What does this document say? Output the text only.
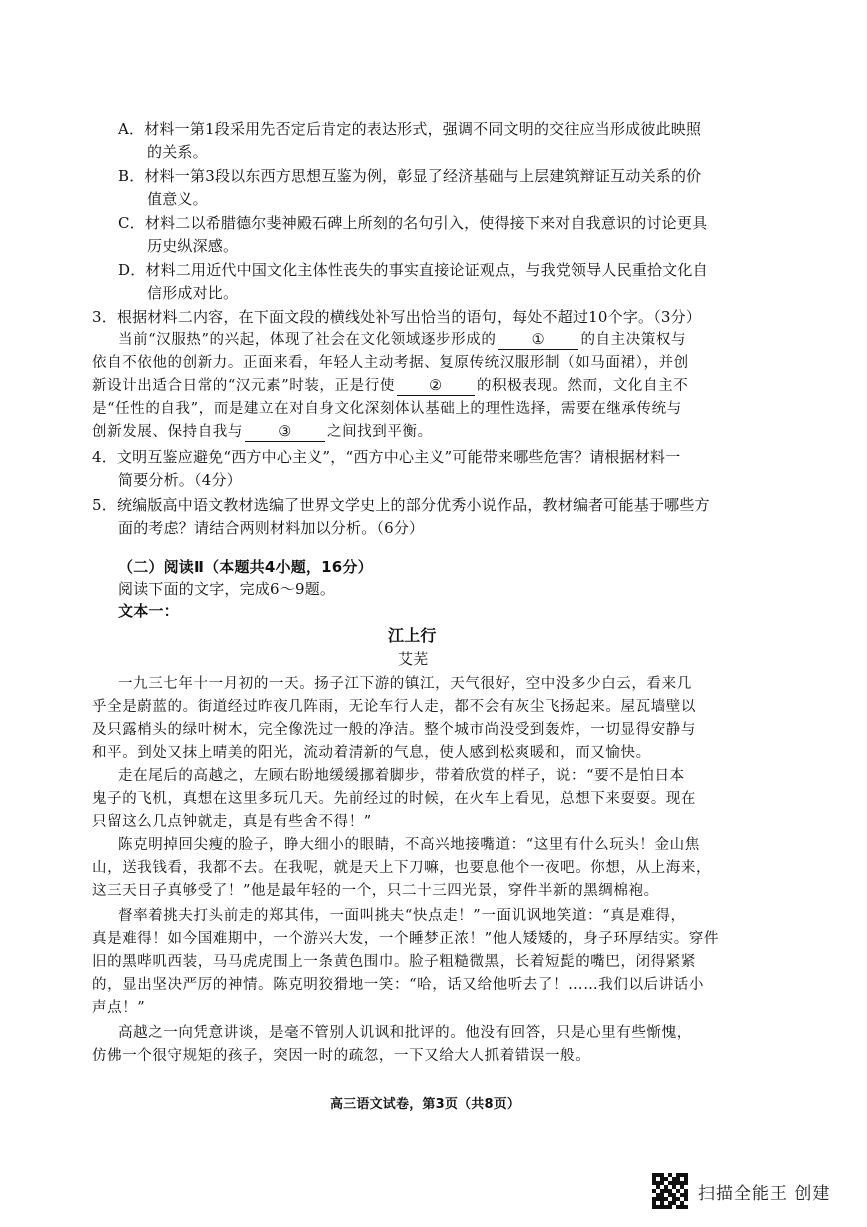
A．材料一第1段采用先否定后肯定的表达形式，强调不同文明的交往应当形成彼此映照
的关系。
B．材料一第3段以东西方思想互鉴为例，彰显了经济基础与上层建筑辩证互动关系的价
值意义。
C．材料二以希腊德尔斐神殿石碑上所刻的名句引入，使得接下来对自我意识的讨论更具
历史纵深感。
D．材料二用近代中国文化主体性丧失的事实直接论证观点，与我党领导人民重拾文化自
信形成对比。
3．根据材料二内容，在下面文段的横线处补写出恰当的语句，每处不超过10个字。（3分）
当前“汉服热”的兴起，体现了社会在文化领域逐步形成的 ① 的自主决策权与
依自不依他的创新力。正面来看，年轻人主动考据、复原传统汉服形制（如马面裙），并创
新设计出适合日常的“汉元素”时装，正是行使 ② 的积极表现。然而，文化自主不
是“任性的自我”，而是建立在对自身文化深刻体认基础上的理性选择，需要在继承传统与
创新发展、保持自我与 ③ 之间找到平衡。
4．文明互鉴应避免“西方中心主义”，“西方中心主义”可能带来哪些危害？请根据材料一
简要分析。（4分）
5．统编版高中语文教材选编了世界文学史上的部分优秀小说作品，教材编者可能基于哪些方
面的考虑？请结合两则材料加以分析。（6分）
（二）阅读Ⅱ（本题共4小题，16分）
阅读下面的文字，完成6～9题。
文本一：
江上行
艾芜
一九三七年十一月初的一天。扬子江下游的镇江，天气很好，空中没多少白云，看来几
乎全是蔚蓝的。街道经过昨夜几阵雨，无论车行人走，都不会有灰尘飞扬起来。屋瓦墙壁以
及只露梢头的绿叶树木，完全像洗过一般的净洁。整个城市尚没受到轰炸，一切显得安静与
和平。到处又抹上晴美的阳光，流动着清新的气息，使人感到松爽暖和，而又愉快。
走在尾后的高越之，左顾右盼地缓缓挪着脚步，带着欣赏的样子，说：“要不是怕日本
鬼子的飞机，真想在这里多玩几天。先前经过的时候，在火车上看见，总想下来耍耍。现在
只留这么几点钟就走，真是有些舍不得！”
陈克明掉回尖瘦的脸子，睁大细小的眼睛，不高兴地接嘴道：“这里有什么玩头！金山焦
山，送我钱看，我都不去。在我呢，就是天上下刀嘛，也要息他个一夜吧。你想，从上海来，
这三天日子真够受了！”他是最年轻的一个，只二十三四光景，穿件半新的黑绸棉袍。
督率着挑夫打头前走的郑其伟，一面叫挑夫“快点走！”一面讥讽地笑道：“真是难得，
真是难得！如今国难期中，一个游兴大发，一个睡梦正浓！”他人矮矮的，身子环厚结实。穿件
旧的黑哔叽西装，马马虎虎围上一条黄色围巾。脸子粗糙微黑，长着短髭的嘴巴，闭得紧紧
的，显出坚决严厉的神情。陈克明狡猾地一笑：“哈，话又给他听去了！……我们以后讲话小
声点！”
高越之一向凭意讲谈，是毫不管别人讥讽和批评的。他没有回答，只是心里有些惭愧，
仿佛一个很守规矩的孩子，突因一时的疏忽，一下又给大人抓着错误一般。
高三语文试卷，第3页（共8页）
扫描全能王 创建
